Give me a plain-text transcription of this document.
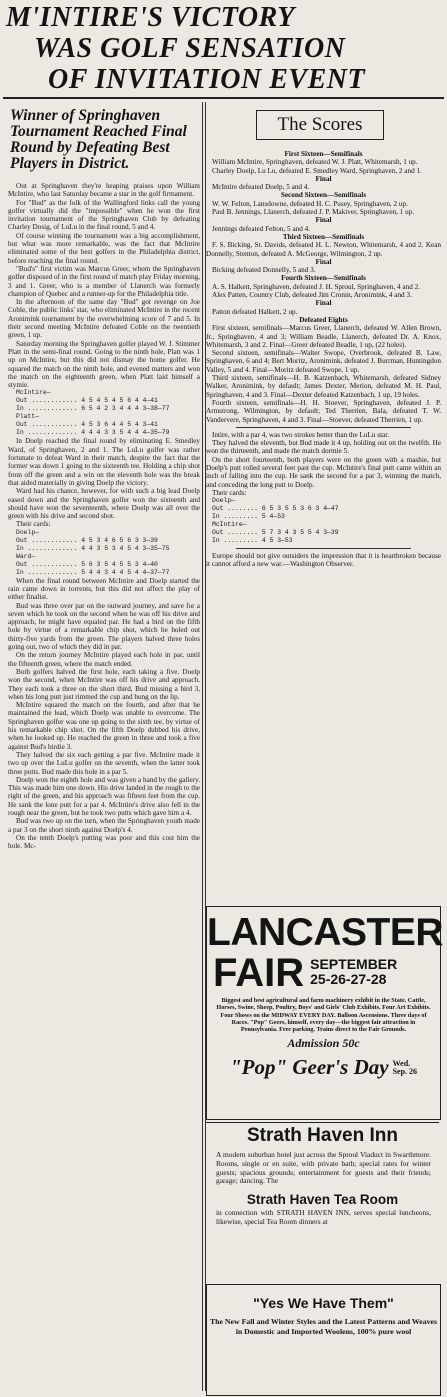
M'INTIRE'S VICTORY
WAS GOLF SENSATION
OF INVITATION EVENT
Winner of Springhaven Tournament Reached Final Round by Defeating Best Players in District.

Out at Springhaven they're heaping praises upon William McIntire, who last Saturday became a star in the golf firmament.

For "Bud" as the folk of the Wallingford links call the young golfer virtually did the "impossible" when he won the first invitation tournament of the Springhaven Club by defeating Charley Dosig, of LuLu in the final round, 5 and 4.

Of course winning the tournament was a big accomplishment, but what was more remarkable, was the fact that McIntire eliminated some of the best golfers in the Philadelphia district, before reaching the final round.

"Bud's" first victim was Marcus Greer, whom the Springhaven golfer disposed of in the first round of match play Friday morning, 3 and 1. Greer, who is a member of Llanerch was formerly champion of Quebec and a runner-up for the Philadelphia title.

In the afternoon of the same day "Bud" got revenge on Joe Coble, the public links' star, who eliminated McIntire in the recent Aronimink tournament by the overwhelming score of 7 and 5. In their second meeting McIntire defeated Coble on the twentieth green, 1 up.

Saturday morning the Springhaven golfer played W. J. Stimmer Platt in the semi-final round. Going to the ninth hole, Platt was 1 up on McIntire, but this did not dismay the home golfer. He squared the match on the ninth hole, and evened matters and won the match on the eighteenth green, when Platt laid himself a stymie.

McIntire—

Out ............ 4 5 4 5 4 5 6 4 4—41

In ............. 6 5 4 2 3 4 4 4 3—38—77

Platt—

Out ............ 4 5 3 6 4 4 5 4 3—41

In ............. 4 4 4 3 3 5 4 4 4—35—79

In Doelp reached the final round by eliminating E. Smedley Ward, of Springhaven, 2 and 1. The LuLu golfer was rather fortunate to defeat Ward in their match, despite the fact that the former was down 1 going to the sixteenth tee. Holding a chip shot from off the green and a win on the eleventh hole was the break that aided materially in giving Doelp the victory.

Ward had his chance, however, for with such a big lead Doelp eased down and the Springhaven golfer won the sixteenth and should have won the seventeenth, where Doelp was all over the green with his drive and second shot.

Their cards:

Doelp—

Out ............ 4 5 3 4 6 5 6 3 3—39

In ............. 4 4 3 5 3 4 5 4 3—35—75

Ward—

Out ............ 5 6 3 5 4 5 5 3 4—40

In ............. 5 4 4 3 4 4 5 4 4—37—77

When the final round between McIntire and Doelp started the rain came down in torrents, but this did not affect the play of either finalist.

Bud was three over par on the outward journey, and save for a seven which he took on the second when he was off his drive and approach, he might have equaled par. He had a bird on the fifth hole by virtue of a remarkable chip shot, which he holed out thirty-five yards from the green. The players halved three holes going out, two of which they did in par.

On the return journey McIntire played each hole in par, until the fifteenth green, where the match ended.

Both golfers halved the first hole, each taking a five. Doelp won the second, when McIntire was off his drive and approach. They each took a three on the short third, Bud missing a bird 3, when his long putt just rimmed the cup and hung on the lip.

McIntire squared the match on the fourth, and after that he maintained the lead, which Doelp was unable to overcome. The Springhaven golfer was one up going to the sixth tee, by virtue of his remarkable chip shot. On the fifth Doelp dubbed his drive, when he looked up. He reached the green in three and took a five against Bud's birdie 3.

They halved the six each getting a par five. McIntire made it two up over the LuLu golfer on the seventh, when the latter took three putts. Bud made this hole in a par 5.

Doelp won the eighth hole and was given a hand by the gallery. This was made him one down. His drive landed in the rough to the right of the green, and his approach was fifteen feet from the cup. He sank the lone putt for a par 4. McIntire's drive also fell in the rough near the green, but he took two putts which gave him a 4.

Bud was two up on the turn, when the Springhaven youth made a par 3 on the short ninth against Doelp's 4.

On the tenth Doelp's putting was poor and this cost him the hole. Mc-

The Scores
First Sixteen—Semifinals

William McIntire, Springhaven, defeated W. J. Platt, Whitemarsh, 1 up.

Charley Doelp, Lu Lu, defeated E. Smedley Ward, Springhaven, 2 and 1.

Final

McIntire defeated Doelp, 5 and 4.

Second Sixteen—Semifinals

W. W. Felton, Lansdowne, defeated H. C. Pusey, Springhaven, 2 up.

Paul B. Jennings, Llanerch, defeated J. P. Makiver, Springhaven, 1 up.

Final

Jennings defeated Felton, 5 and 4.

Third Sixteen—Semifinals

F. S. Bicking, St. Davids, defeated H. L. Newton, Whitemarsh, 4 and 2. Kean Donnelly, Stenton, defeated A. McGeorge, Wilmington, 2 up.

Final

Bicking defeated Donnelly, 5 and 3.

Fourth Sixteen—Semifinals

A. S. Halkett, Springhaven, defeated J. H. Sproul, Springhaven, 4 and 2.

Alex Patten, Country Club, defeated Jim Cronin, Aronimink, 4 and 3.

Final

Patton defeated Halkett, 2 up.

Defeated Eights

First sixteen, semifinals—Marcus Greer, Llanerch, defeated W. Allen Brown, Jr., Springhaven, 4 and 3; William Beadle, Llanerch, defeated Dr. A. Knox, Whitemarsh, 3 and 2. Final—Greer defeated Beadle, 1 up, (22 holes).

Second sixteen, semifinals—Walter Swope, Overbrook, defeated B. Law, Springhaven, 6 and 4; Bert Moritz, Aronimink, defeated J. Burrman, Huntingdon Valley, 5 and 4. Final—Moritz defeated Swope, 1 up.

Third sixteen, semifinals—H. B. Katzenbach, Whitemarsh, defeated Sidney Walker, Aronimink, by default; James Dexter, Merion, defeated M. H. Paul, Springhaven, 4 and 3. Final—Dexter defeated Katzenbach, 1 up, 19 holes.

Fourth sixteen, semifinals—H. H. Stoever, Springhaven, defeated J. P. Armstrong, Wilmington, by default; Ted Therrien, Bala, defeated T. W. Vandervere, Springhaven, 4 and 3. Final—Stoever, defeated Therrien, 1 up.

Intire, with a par 4, was two strokes better than the LuLu star.

They halved the eleventh, but Bud made it 4 up, holding out on the twelfth. He won the thirteenth, and made the match dormie 5.

On the short fourteenth, both players were on the green with a mashie, but Doelp's putt rolled several feet past the cup. McIntire's final putt came within an inch of falling into the cup. He sank the second for a par 3, winning the match, and conceding the long putt to Doelp.

Their cards:

Doelp—

Out ........ 6 5 3 5 5 3 6 3 4—47

In ......... 5 4—53

McIntire—

Out ........ 5 7 3 4 3 5 5 4 3—39

In ......... 4 5 3—53

Europe should not give outsiders the impression that it is heartbroken because it cannot afford a new war.—Washington Observer.

LANCASTER
FAIR SEPTEMBER
25-26-27-28
Biggest and best agricultural and farm machinery exhibit in the State. Cattle, Horses, Swine, Sheep, Poultry, Boys' and Girls' Club Exhibits. Four Art Exhibits. Four Shows on the MIDWAY EVERY DAY. Balloon Ascensions. Three days of Races. "Pop" Geers, himself, every day—the biggest fair attraction in Pennsylvania. Free parking. Trains direct to the Fair Grounds.
Admission 50c
"Pop" Geer's Day Wed.
Sep. 26
Strath Haven Inn
A modern suburban hotel just across the Sproul Viaduct in Swarthmore. Rooms, single or en suite, with private bath; special rates for winter guests; spacious grounds; entertainment for guests and their friends; garage; dancing. The
Strath Haven Tea Room
in connection with STRATH HAVEN INN, serves special luncheons, likewise, special Tea Room dinners at
"Yes We Have Them"
The New Fall and Winter Styles and the Latest Patterns and Weaves in Domestic and Imported Woolens, 100% pure wool
